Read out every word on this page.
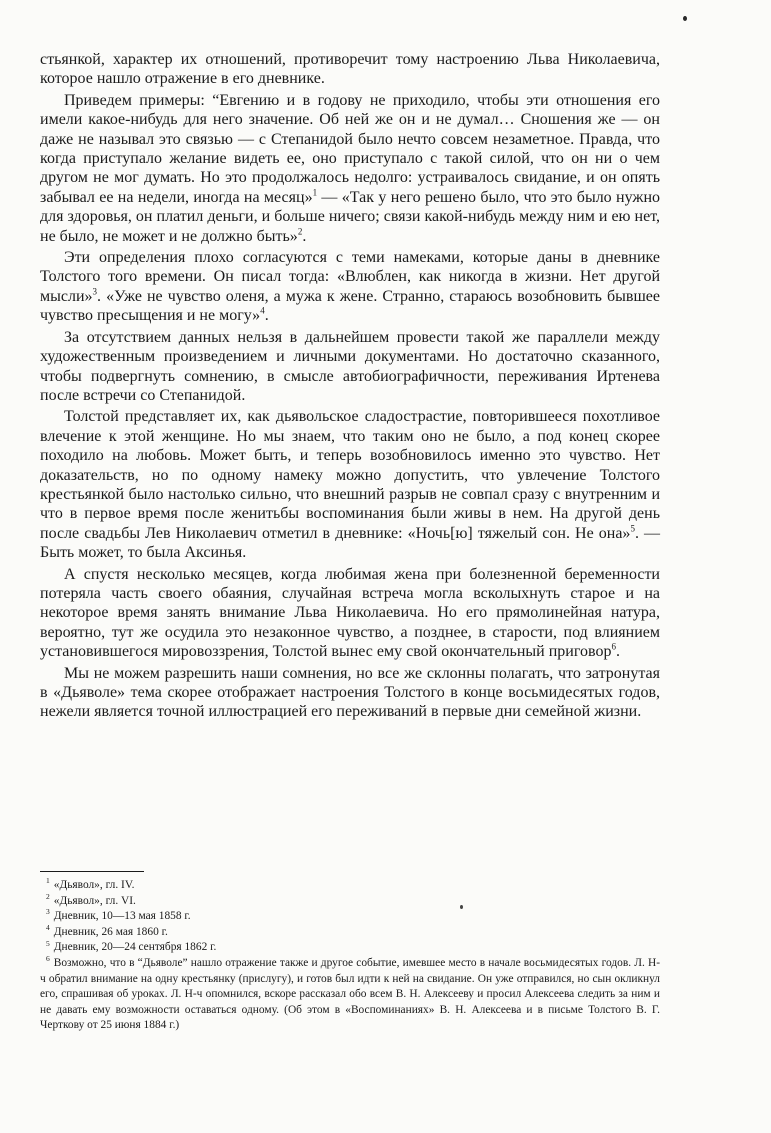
стьянкой, характер их отношений, противоречит тому настроению Льва Николаевича, которое нашло отражение в его дневнике.

Приведем примеры: “Евгению и в годову не приходило, чтобы эти отношения его имели какое-нибудь для него значение. Об ней же он и не думал… Сношения же — он даже не называл это связью — с Степанидой было нечто совсем незаметное. Правда, что когда приступало желание видеть ее, оно приступало с такой силой, что он ни о чем другом не мог думать. Но это продолжалось недолго: устраивалось свидание, и он опять забывал ее на недели, иногда на месяц»$^1$ — «Так у него решено было, что это было нужно для здоровья, он платил деньги, и больше ничего; связи какой-нибудь между ним и ею нет, не было, не может и не должно быть»$^2$.

Эти определения плохо согласуются с теми намеками, которые даны в дневнике Толстого того времени. Он писал тогда: «Влюблен, как никогда в жизни. Нет другой мысли»$^3$. «Уже не чувство оленя, а мужа к жене. Странно, стараюсь возобновить бывшее чувство пресыщения и не могу»$^4$.

За отсутствием данных нельзя в дальнейшем провести такой же параллели между художественным произведением и личными документами. Но достаточно сказанного, чтобы подвергнуть сомнению, в смысле автобиографичности, переживания Иртенева после встречи со Степанидой.

Толстой представляет их, как дьявольское сладострастие, повторившееся похотливое влечение к этой женщине. Но мы знаем, что таким оно не было, а под конец скорее походило на любовь. Может быть, и теперь возобновилось именно это чувство. Нет доказательств, но по одному намеку можно допустить, что увлечение Толстого крестьянкой было настолько сильно, что внешний разрыв не совпал сразу с внутренним и что в первое время после женитьбы воспоминания были живы в нем. На другой день после свадьбы Лев Николаевич отметил в дневнике: «Ночь[ю] тяжелый сон. Не она»$^5$. — Быть может, то была Аксинья.

А спустя несколько месяцев, когда любимая жена при болезненной беременности потеряла часть своего обаяния, случайная встреча могла всколыхнуть старое и на некоторое время занять внимание Льва Николаевича. Но его прямолинейная натура, вероятно, тут же осудила это незаконное чувство, а позднее, в старости, под влиянием установившегося мировоззрения, Толстой вынес ему свой окончательный приговор$^6$.

Мы не можем разрешить наши сомнения, но все же склонны полагать, что затронутая в «Дьяволе» тема скорее отображает настроения Толстого в конце восьмидесятых годов, нежели является точной иллюстрацией его переживаний в первые дни семейной жизни.

$^1$ «Дьявол», гл. IV.

$^2$ «Дьявол», гл. VI.

$^3$ Дневник, 10—13 мая 1858 г.

$^4$ Дневник, 26 мая 1860 г.

$^5$ Дневник, 20—24 сентября 1862 г.

$^6$ Возможно, что в “Дьяволе” нашло отражение также и другое событие, имевшее место в начале восьмидесятых годов. Л. Н-ч обратил внимание на одну крестьянку (прислугу), и готов был идти к ней на свидание. Он уже отправился, но сын окликнул его, спрашивая об уроках. Л. Н-ч опомнился, вскоре рассказал обо всем В. Н. Алексееву и просил Алексеева следить за ним и не давать ему возможности оставаться одному. (Об этом в «Воспоминаниях» В. Н. Алексеева и в письме Толстого В. Г. Черткову от 25 июня 1884 г.)
